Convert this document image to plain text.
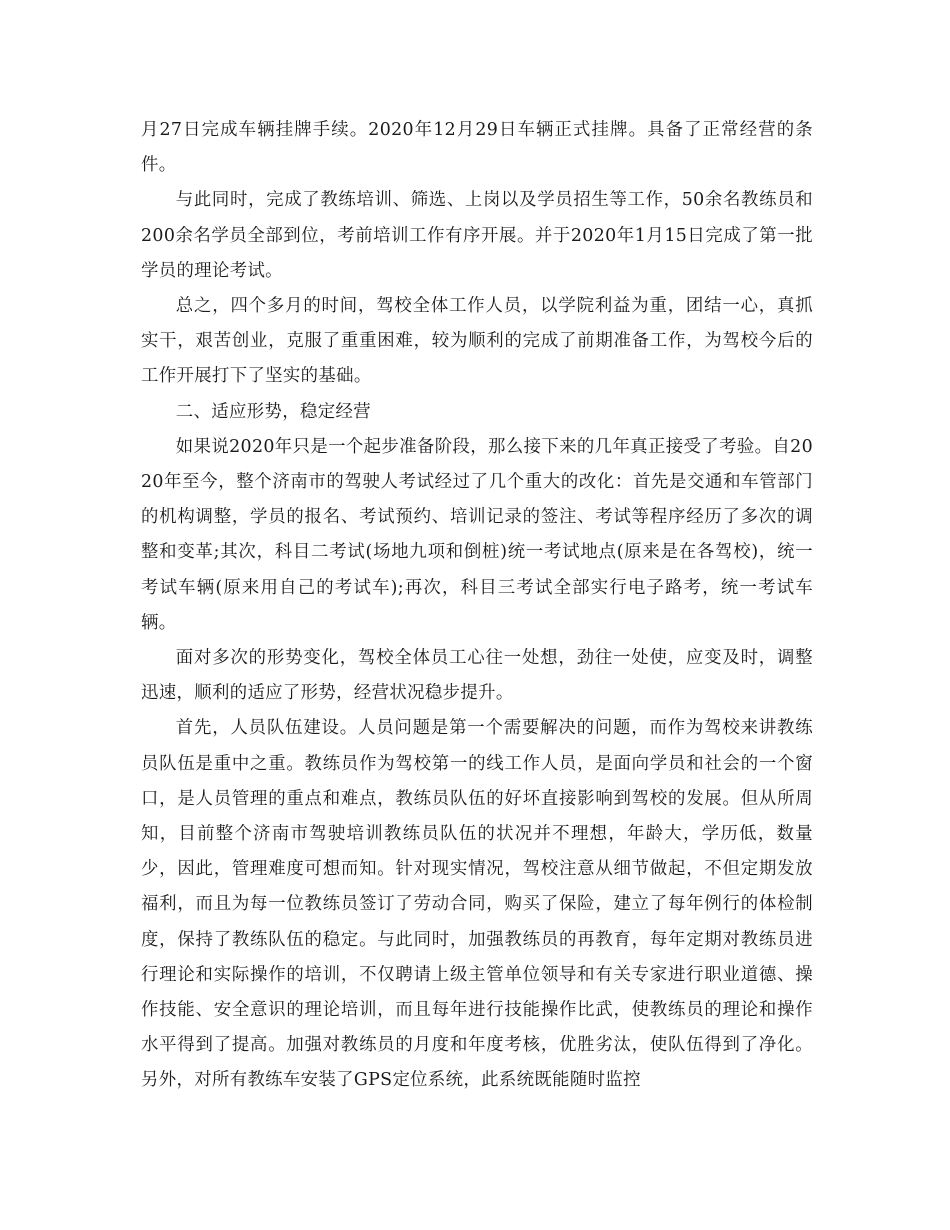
月27日完成车辆挂牌手续。2020年12月29日车辆正式挂牌。具备了正常经营的条件。

与此同时，完成了教练培训、筛选、上岗以及学员招生等工作，50余名教练员和200余名学员全部到位，考前培训工作有序开展。并于2020年1月15日完成了第一批学员的理论考试。

总之，四个多月的时间，驾校全体工作人员，以学院利益为重，团结一心，真抓实干，艰苦创业，克服了重重困难，较为顺利的完成了前期准备工作，为驾校今后的工作开展打下了坚实的基础。

二、适应形势，稳定经营

如果说2020年只是一个起步准备阶段，那么接下来的几年真正接受了考验。自2020年至今，整个济南市的驾驶人考试经过了几个重大的改化：首先是交通和车管部门的机构调整，学员的报名、考试预约、培训记录的签注、考试等程序经历了多次的调整和变革;其次，科目二考试(场地九项和倒桩)统一考试地点(原来是在各驾校)，统一考试车辆(原来用自己的考试车);再次，科目三考试全部实行电子路考，统一考试车辆。

面对多次的形势变化，驾校全体员工心往一处想，劲往一处使，应变及时，调整迅速，顺利的适应了形势，经营状况稳步提升。

首先，人员队伍建设。人员问题是第一个需要解决的问题，而作为驾校来讲教练员队伍是重中之重。教练员作为驾校第一的线工作人员，是面向学员和社会的一个窗口，是人员管理的重点和难点，教练员队伍的好坏直接影响到驾校的发展。但从所周知，目前整个济南市驾驶培训教练员队伍的状况并不理想，年龄大，学历低，数量少，因此，管理难度可想而知。针对现实情况，驾校注意从细节做起，不但定期发放福利，而且为每一位教练员签订了劳动合同，购买了保险，建立了每年例行的体检制度，保持了教练队伍的稳定。与此同时，加强教练员的再教育，每年定期对教练员进行理论和实际操作的培训，不仅聘请上级主管单位领导和有关专家进行职业道德、操作技能、安全意识的理论培训，而且每年进行技能操作比武，使教练员的理论和操作水平得到了提高。加强对教练员的月度和年度考核，优胜劣汰，使队伍得到了净化。另外，对所有教练车安装了GPS定位系统，此系统既能随时监控
